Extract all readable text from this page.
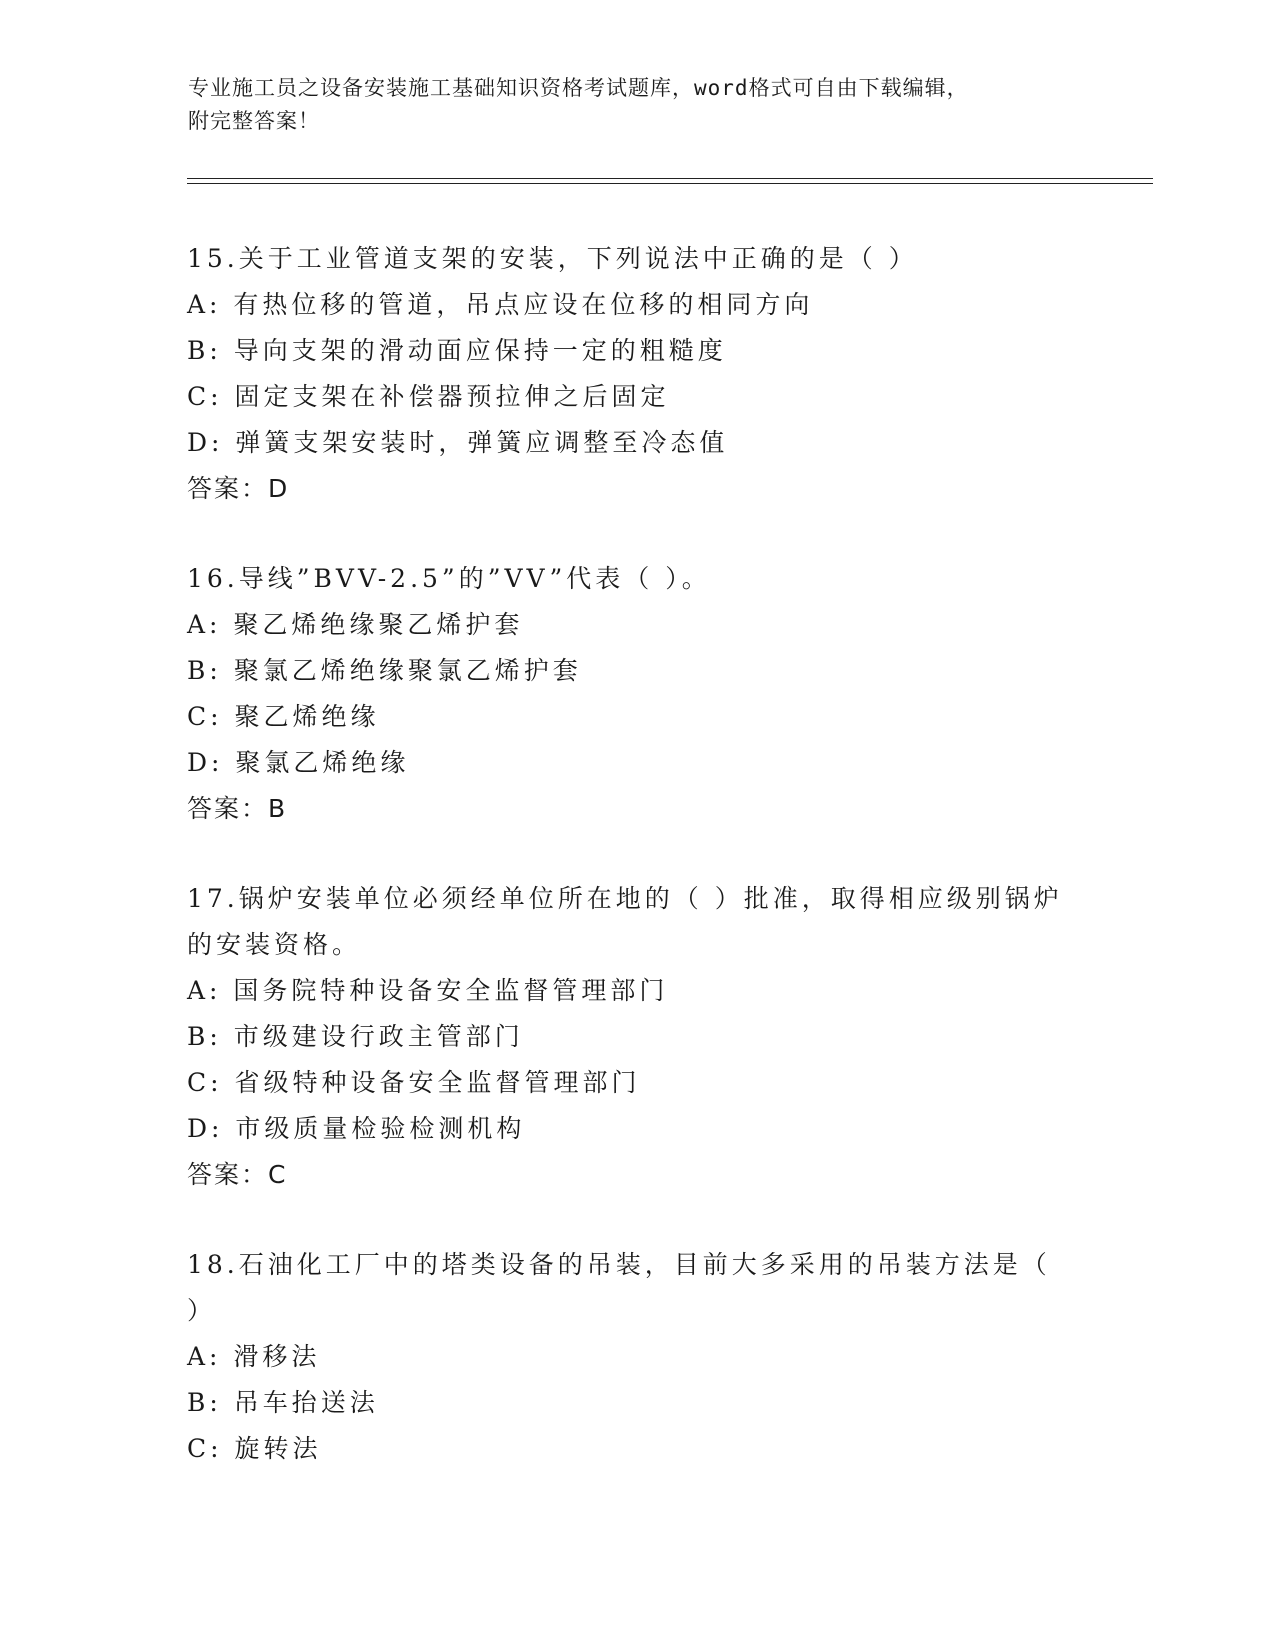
专业施工员之设备安装施工基础知识资格考试题库，word格式可自由下载编辑，
附完整答案！
15.关于工业管道支架的安装，下列说法中正确的是（ ）
A: 有热位移的管道，吊点应设在位移的相同方向
B: 导向支架的滑动面应保持一定的粗糙度
C: 固定支架在补偿器预拉伸之后固定
D: 弹簧支架安装时，弹簧应调整至冷态值
答案：D
16.导线”BVV-2.5”的”VV”代表（ ）。
A: 聚乙烯绝缘聚乙烯护套
B: 聚氯乙烯绝缘聚氯乙烯护套
C: 聚乙烯绝缘
D: 聚氯乙烯绝缘
答案：B
17.锅炉安装单位必须经单位所在地的（ ）批准，取得相应级别锅炉
的安装资格。
A: 国务院特种设备安全监督管理部门
B: 市级建设行政主管部门
C: 省级特种设备安全监督管理部门
D: 市级质量检验检测机构
答案：C
18.石油化工厂中的塔类设备的吊装，目前大多采用的吊装方法是（
）
A: 滑移法
B: 吊车抬送法
C: 旋转法
